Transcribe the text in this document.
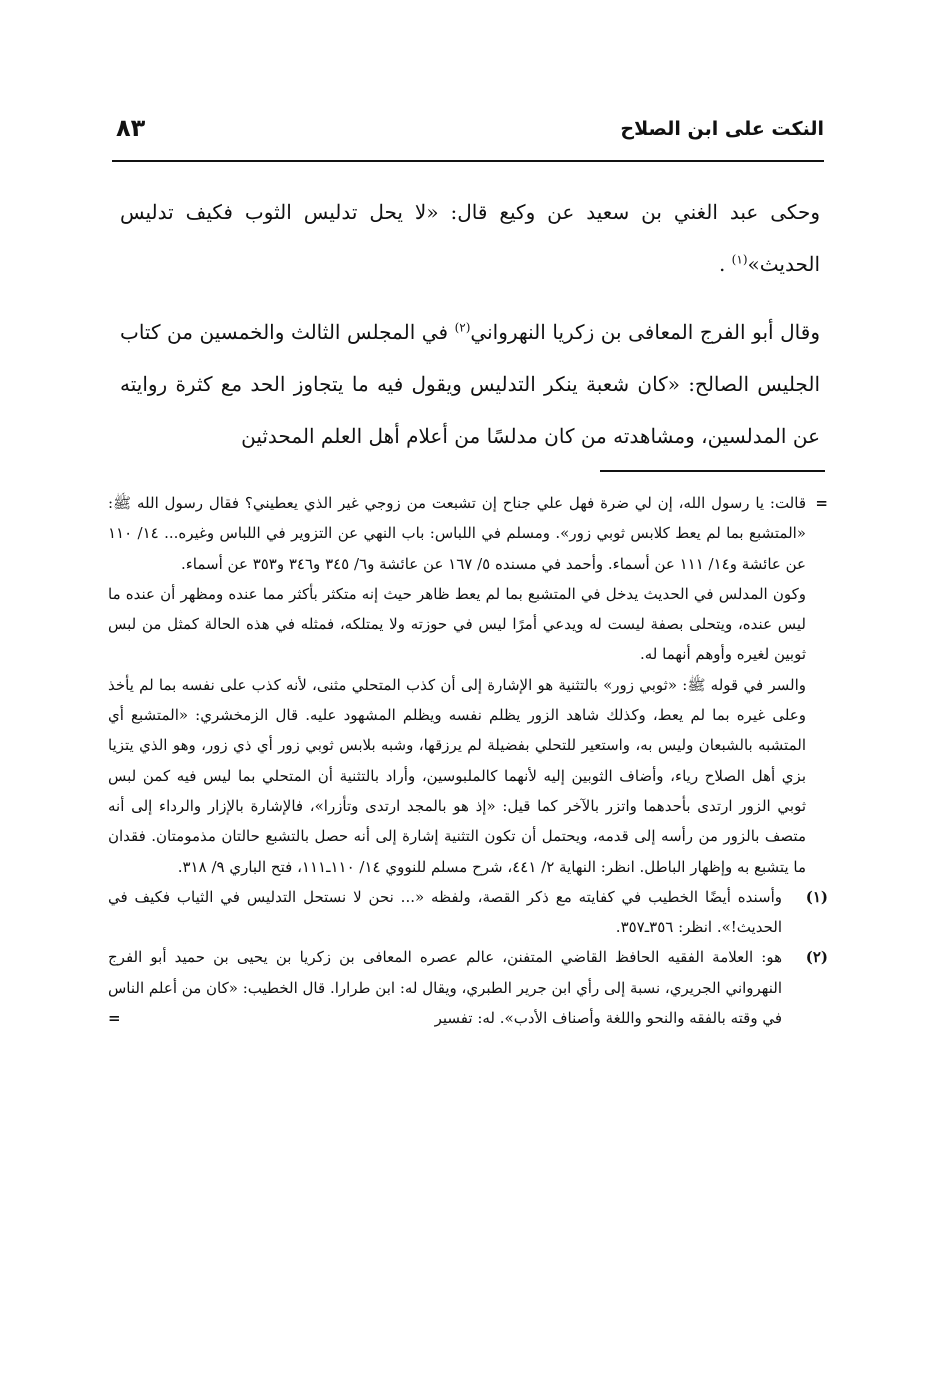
النكت على ابن الصلاح
٨٣

وحكى عبد الغني بن سعيد عن وكيع قال: «لا يحل تدليس الثوب فكيف تدليس الحديث»$^{(١)}$ .

وقال أبو الفرج المعافى بن زكريا النهرواني$^{(٢)}$ في المجلس الثالث والخمسين من كتاب الجليس الصالح: «كان شعبة ينكر التدليس ويقول فيه ما يتجاوز الحد مع كثرة روايته عن المدلسين، ومشاهدته من كان مدلسًا من أعلام أهل العلم المحدثين

=

قالت: يا رسول الله، إن لي ضرة فهل علي جناح إن تشبعت من زوجي غير الذي يعطيني؟ فقال رسول الله ﷺ: «المتشبع بما لم يعط كلابس ثوبي زور». ومسلم في اللباس: باب النهي عن التزوير في اللباس وغيره... ١٤/ ١١٠ عن عائشة و١٤/ ١١١ عن أسماء. وأحمد في مسنده ٥/ ١٦٧ عن عائشة و٦/ ٣٤٥ و٣٤٦ و٣٥٣ عن أسماء.

وكون المدلس في الحديث يدخل في المتشبع بما لم يعط ظاهر حيث إنه متكثر بأكثر مما عنده ومظهر أن عنده ما ليس عنده، ويتحلى بصفة ليست له ويدعي أمرًا ليس في حوزته ولا يمتلكه، فمثله في هذه الحالة كمثل من لبس ثوبين لغيره وأوهم أنهما له.

والسر في قوله ﷺ: «ثوبي زور» بالتثنية هو الإشارة إلى أن كذب المتحلي مثنى، لأنه كذب على نفسه بما لم يأخذ وعلى غيره بما لم يعط، وكذلك شاهد الزور يظلم نفسه ويظلم المشهود عليه. قال الزمخشري: «المتشبع أي المتشبه بالشبعان وليس به، واستعير للتحلي بفضيلة لم يرزقها، وشبه بلابس ثوبي زور أي ذي زور، وهو الذي يتزيا بزي أهل الصلاح رياء، وأضاف الثوبين إليه لأنهما كالملبوسين، وأراد بالتثنية أن المتحلي بما ليس فيه كمن لبس ثوبي الزور ارتدى بأحدهما واتزر بالآخر كما قيل: «إذ هو بالمجد ارتدى وتأزرا»، فالإشارة بالإزار والرداء إلى أنه متصف بالزور من رأسه إلى قدمه، ويحتمل أن تكون التثنية إشارة إلى أنه حصل بالتشبع حالتان مذمومتان. فقدان ما يتشبع به وإظهار الباطل. انظر: النهاية ٢/ ٤٤١، شرح مسلم للنووي ١٤/ ١١٠ـ١١١، فتح الباري ٩/ ٣١٨.

(١)
وأسنده أيضًا الخطيب في كفايته مع ذكر القصة، ولفظه «... نحن لا نستحل التدليس في الثياب فكيف في الحديث!». انظر: ٣٥٦ـ٣٥٧.
(٢)
هو: العلامة الفقيه الحافظ القاضي المتفنن، عالم عصره المعافى بن زكريا بن يحيى بن حميد أبو الفرج النهرواني الجريري، نسبة إلى رأي ابن جرير الطبري، ويقال له: ابن طرارا. قال الخطيب: «كان من أعلم الناس في وقته بالفقه والنحو واللغة وأصناف الأدب». له: تفسير
=
